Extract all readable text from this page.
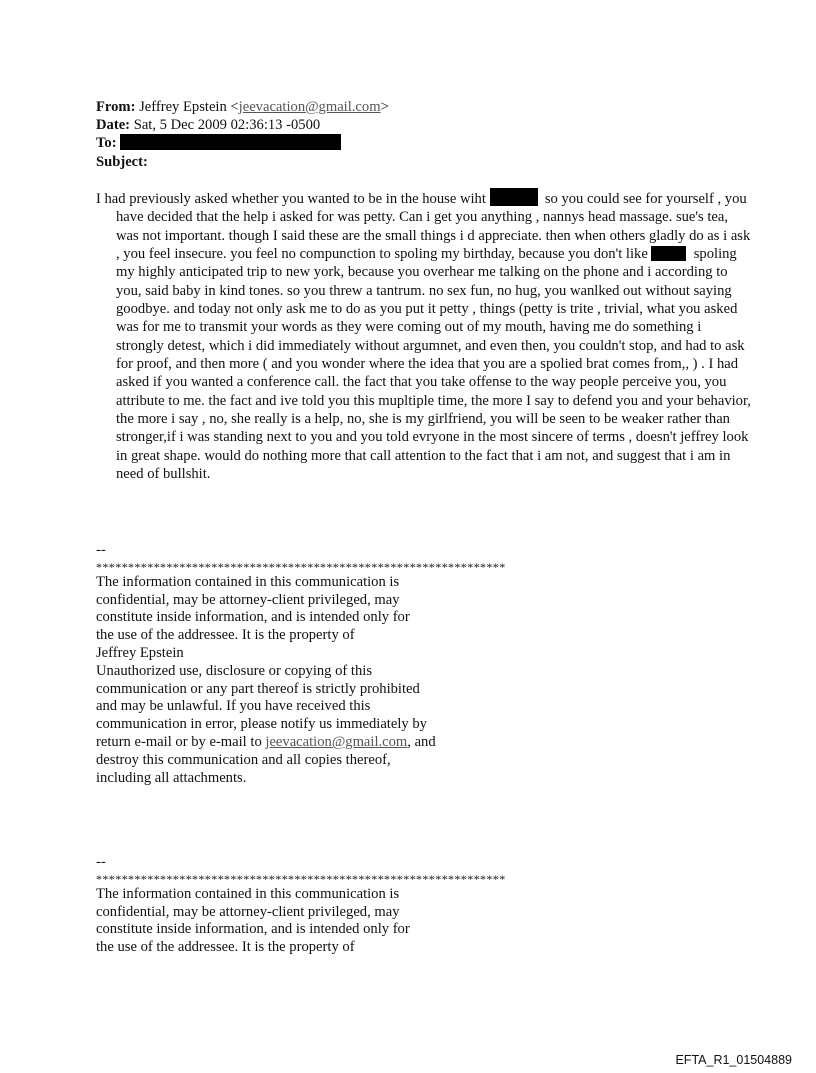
From: Jeffrey Epstein <jeevacation@gmail.com>
Date: Sat, 5 Dec 2009 02:36:13 -0500
To:
Subject:
I had previously asked whether you wanted to be in the house wiht	so you could see for yourself , you have decided that the help i asked for was petty. Can i get you anything , nannys head massage. sue's tea, was not important. though I said these are the small things i d appreciate. then when others gladly do as i ask , you feel insecure. you feel no compunction to spoling my birthday, because you don't like	spoling my highly anticipated trip to new york, because you overhear me talking on the phone and i according to you, said baby in kind tones. so you threw a tantrum. no sex fun, no hug, you wanlked out without saying goodbye. and today not only ask me to do as you put it petty , things (petty is trite , trivial, what you asked was for me to transmit your words as they were coming out of my mouth, having me do something i strongly detest, which i did immediately without argumnet, and even then, you couldn't stop, and had to ask for proof, and then more ( and you wonder where the idea that you are a spolied brat comes from,, ) . I had asked if you wanted a conference call. the fact that you take offense to the way people perceive you, you attribute to me. the fact and ive told you this mupltiple time, the more I say to defend you and your behavior, the more i say , no, she really is a help, no, she is my girlfriend, you will be seen to be weaker rather than stronger,if i was standing next to you and you told evryone in the most sincere of terms , doesn't jeffrey look in great shape. would do nothing more that call attention to the fact that i am not, and suggest that i am in need of bullshit.
--
****************************************************************
The information contained in this communication is
confidential, may be attorney-client privileged, may
constitute inside information, and is intended only for
the use of the addressee. It is the property of
Jeffrey Epstein
Unauthorized use, disclosure or copying of this
communication or any part thereof is strictly prohibited
and may be unlawful. If you have received this
communication in error, please notify us immediately by
return e-mail or by e-mail to jeevacation@gmail.com, and
destroy this communication and all copies thereof,
including all attachments.
--
****************************************************************
The information contained in this communication is
confidential, may be attorney-client privileged, may
constitute inside information, and is intended only for
the use of the addressee. It is the property of
EFTA_R1_01504889
